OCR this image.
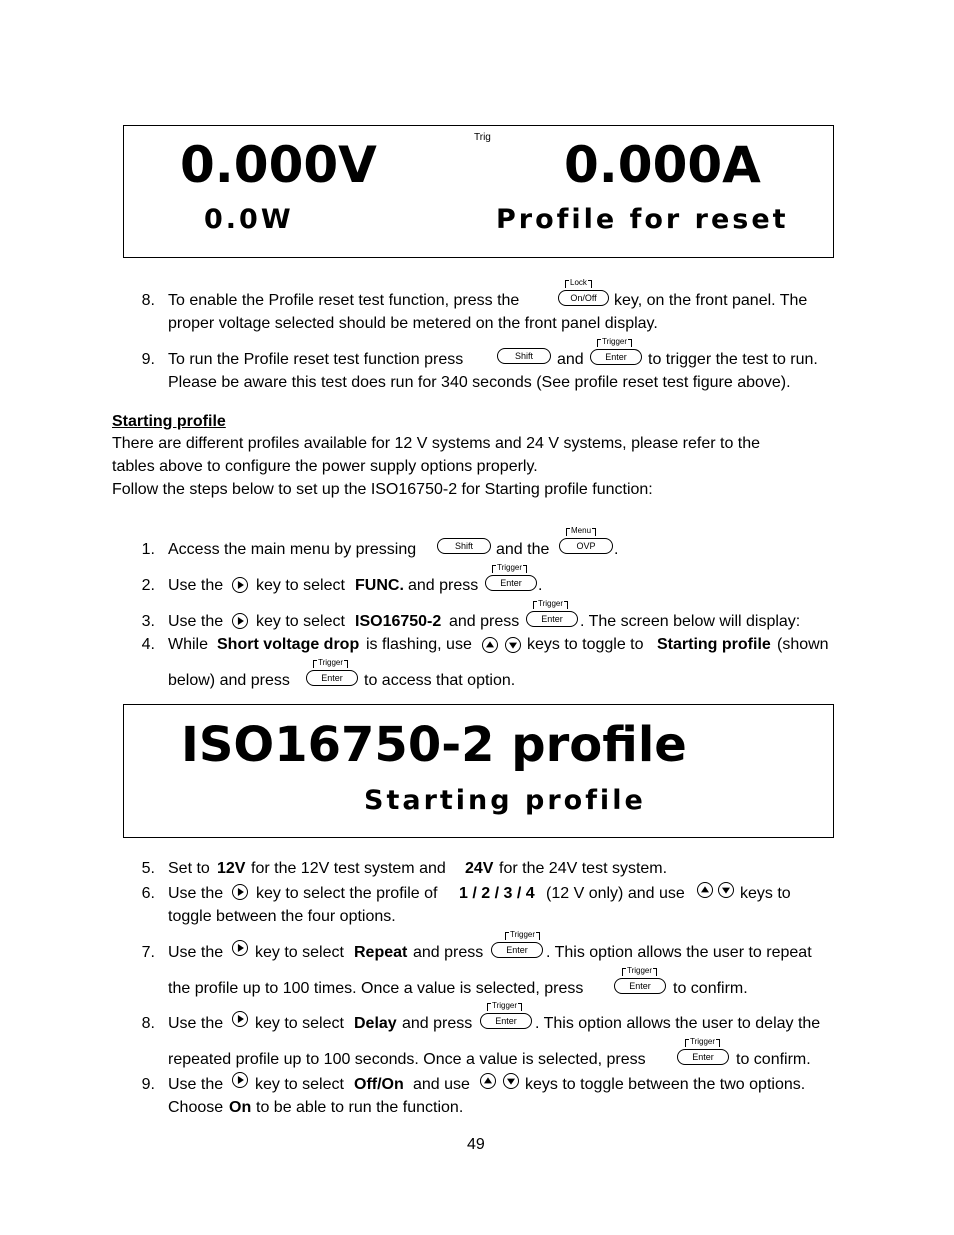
Trig
0.000V	0.000A
0.0W	Profile for reset
8. To enable the Profile reset test function, press the
Lock
On/Off	key, on the front panel. The
proper voltage selected should be metered on the front panel display.
9. To run the Profile reset test function press	Shift	and
Trigger
Enter	to trigger the test to run.
Please be aware this test does run for 340 seconds (See profile reset test figure above).
Starting profile
There are different profiles available for 12 V systems and 24 V systems, please refer to the
tables above to configure the power supply options properly.
Follow the steps below to set up the ISO16750-2 for Starting profile function:
1. Access the main menu by pressing	Shift	and the
Menu
OVP	.
2. Use the key to select FUNC. and press
Trigger
Enter	.
3. Use the key to select ISO16750-2 and press
Trigger
Enter	. The screen below will display:
4. While Short voltage drop is flashing, use	keys to toggle to Starting profile (shown
below) and press
Trigger
Enter	to access that option.
ISO16750-2 profile
Starting profile
5. Set to 12V for the 12V test system and 24V for the 24V test system.
6. Use the key to select the profile of 1 / 2 / 3 / 4 (12 V only) and use	keys to
toggle between the four options.
7. Use the key to select Repeat and press
Trigger
Enter	. This option allows the user to repeat
the profile up to 100 times. Once a value is selected, press
Trigger
Enter	to confirm.
8. Use the key to select Delay and press
Trigger
Enter	. This option allows the user to delay the
repeated profile up to 100 seconds. Once a value is selected, press
Trigger
Enter	to confirm.
9. Use the key to select Off/On and use	keys to toggle between the two options.
Choose On to be able to run the function.
49
